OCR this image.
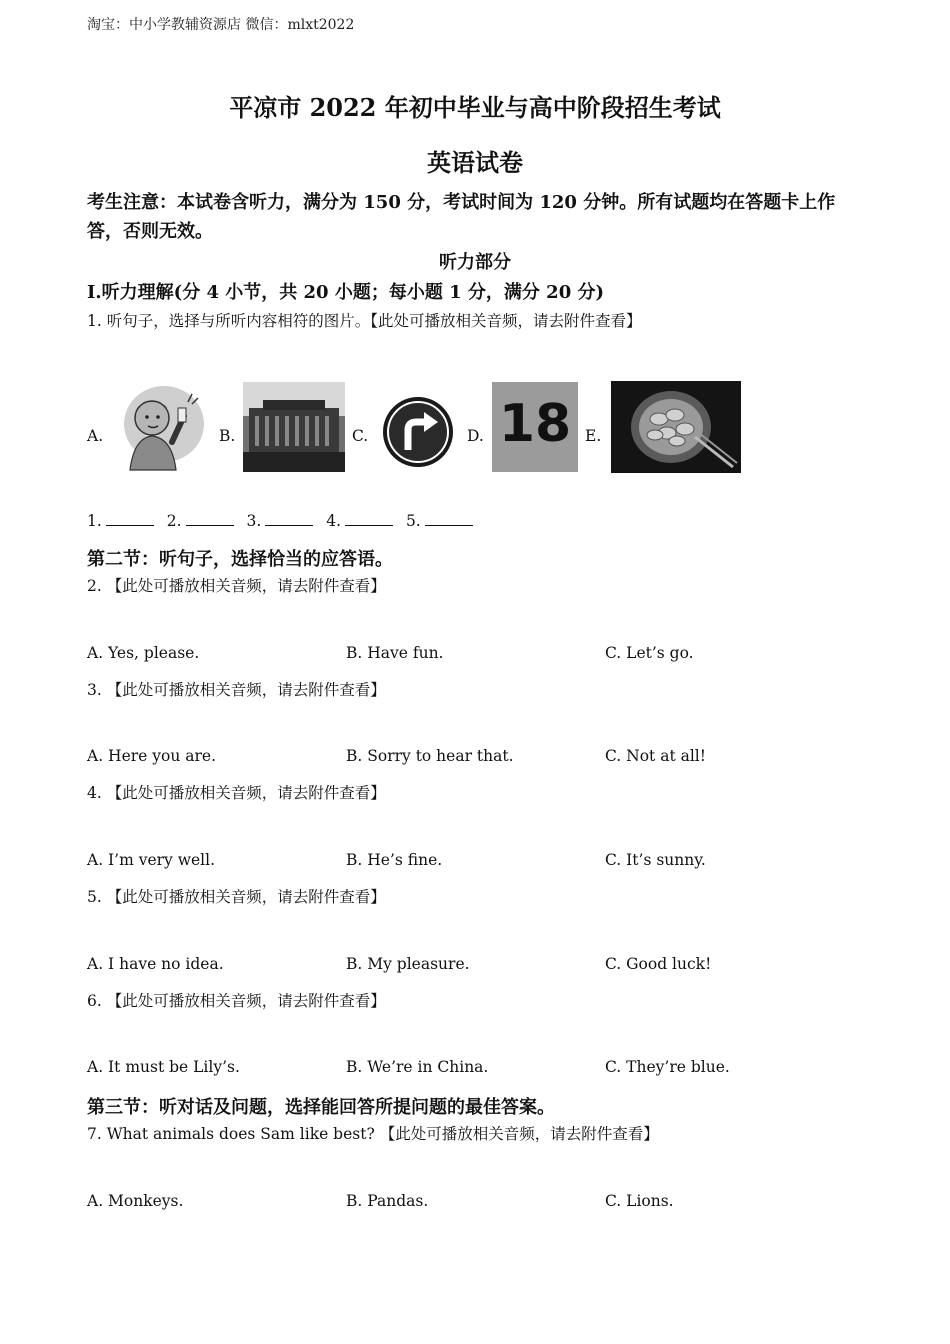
淘宝：中小学教辅资源店 微信：mlxt2022
平凉市 2022 年初中毕业与高中阶段招生考试
英语试卷
考生注意：本试卷含听力，满分为 150 分，考试时间为 120 分钟。所有试题均在答题卡上作答，否则无效。
听力部分
I.听力理解(分 4 小节，共 20 小题；每小题 1 分，满分 20 分)
1. 听句子，选择与所听内容相符的图片。【此处可播放相关音频，请去附件查看】
A.	B.	C.	D. 18 E.
1.	2.	3.	4.	5.
第二节：听句子，选择恰当的应答语。
2. 【此处可播放相关音频，请去附件查看】
A. Yes, please.	B. Have fun.	C. Let’s go.
3. 【此处可播放相关音频，请去附件查看】
A. Here you are.	B. Sorry to hear that.	C. Not at all!
4. 【此处可播放相关音频，请去附件查看】
A. I’m very well.	B. He’s fine.	C. It’s sunny.
5. 【此处可播放相关音频，请去附件查看】
A. I have no idea.	B. My pleasure.	C. Good luck!
6. 【此处可播放相关音频，请去附件查看】
A. It must be Lily’s.	B. We’re in China.	C. They’re blue.
第三节：听对话及问题，选择能回答所提问题的最佳答案。
7. What animals does Sam like best? 【此处可播放相关音频，请去附件查看】
A. Monkeys.	B. Pandas.	C. Lions.
